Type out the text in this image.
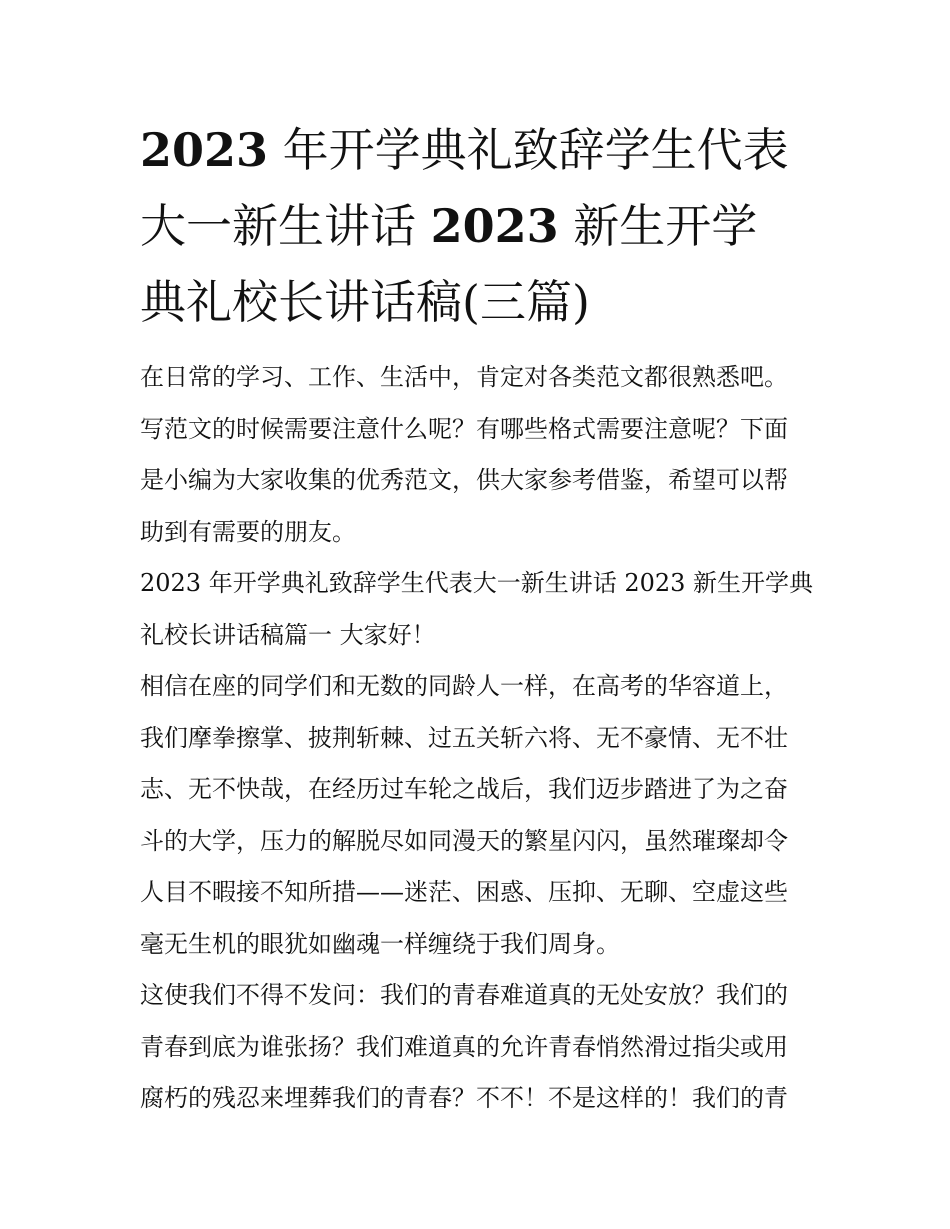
2023 年开学典礼致辞学生代表
大一新生讲话 2023 新生开学
典礼校长讲话稿(三篇)

在日常的学习、工作、生活中，肯定对各类范文都很熟悉吧。
写范文的时候需要注意什么呢？有哪些格式需要注意呢？下面
是小编为大家收集的优秀范文，供大家参考借鉴，希望可以帮
助到有需要的朋友。

2023 年开学典礼致辞学生代表大一新生讲话 2023 新生开学典
礼校长讲话稿篇一 大家好！

相信在座的同学们和无数的同龄人一样，在高考的华容道上，
我们摩拳擦掌、披荆斩棘、过五关斩六将、无不豪情、无不壮
志、无不快哉，在经历过车轮之战后，我们迈步踏进了为之奋
斗的大学，压力的解脱尽如同漫天的繁星闪闪，虽然璀璨却令
人目不暇接不知所措——迷茫、困惑、压抑、无聊、空虚这些
毫无生机的眼犹如幽魂一样缠绕于我们周身。

这使我们不得不发问：我们的青春难道真的无处安放？我们的
青春到底为谁张扬？我们难道真的允许青春悄然滑过指尖或用
腐朽的残忍来埋葬我们的青春？不不！不是这样的！我们的青
